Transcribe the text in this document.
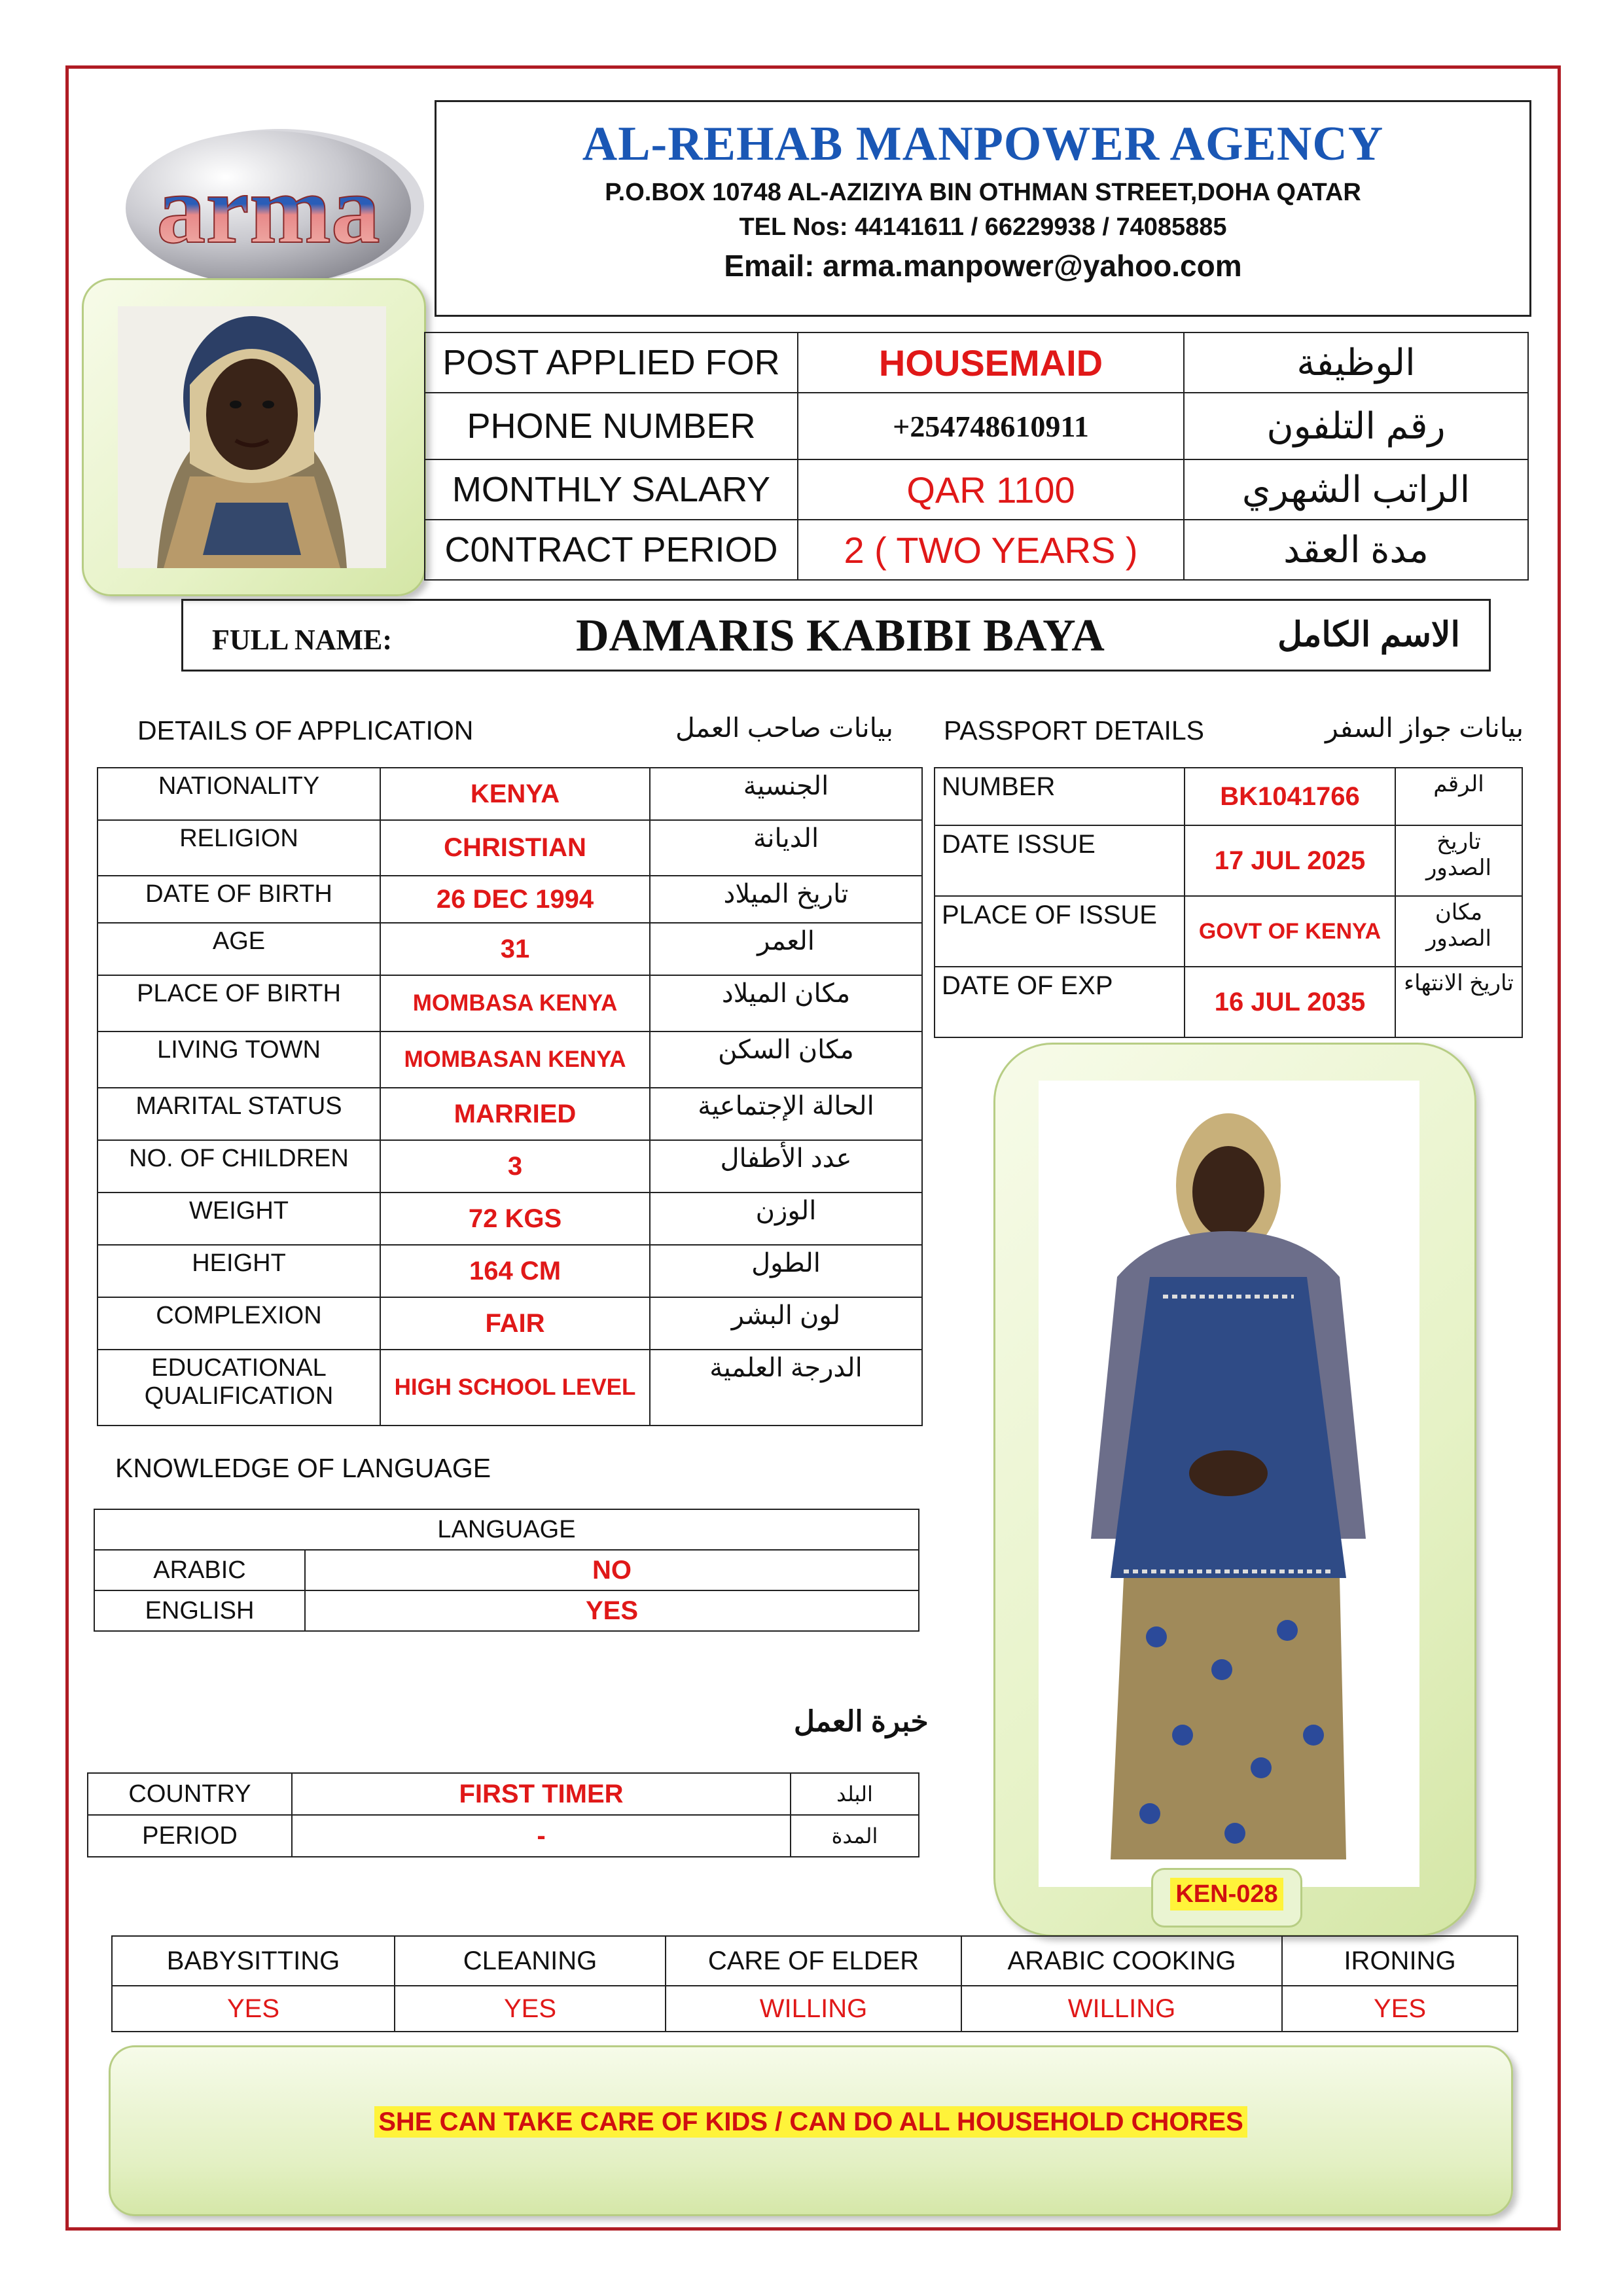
arma
AL-REHAB MANPOWER AGENCY
P.O.BOX 10748 AL-AZIZIYA BIN OTHMAN STREET,DOHA QATAR
TEL Nos: 44141611 / 66229938 / 74085885
Email: arma.manpower@yahoo.com
POST APPLIED FOR	HOUSEMAID	الوظيفة
PHONE NUMBER	+254748610911	رقم التلفون
MONTHLY SALARY	QAR 1100	الراتب الشهري
C0NTRACT PERIOD	2 ( TWO YEARS )	مدة العقد
FULL NAME:	DAMARIS KABIBI BAYA	الاسم الكامل
DETAILS OF APPLICATION	بيانات صاحب العمل PASSPORT DETAILS	بيانات جواز السفر
NATIONALITY	KENYA	الجنسية
RELIGION	CHRISTIAN	الديانة
DATE OF BIRTH	26 DEC 1994	تاريخ الميلاد
AGE	31	العمر
PLACE OF BIRTH	MOMBASA KENYA	مكان الميلاد
LIVING TOWN	MOMBASAN KENYA	مكان السكن
MARITAL STATUS	MARRIED	الحالة الإجتماعية
NO. OF CHILDREN	3	عدد الأطفال
WEIGHT	72 KGS	الوزن
HEIGHT	164 CM	الطول
COMPLEXION	FAIR	لون البشر
EDUCATIONAL QUALIFICATION	HIGH SCHOOL LEVEL	الدرجة العلمية
NUMBER	BK1041766	الرقم
DATE ISSUE	17 JUL 2025	تاريخ الصدور
PLACE OF ISSUE	GOVT OF KENYA	مكان الصدور
DATE OF EXP	16 JUL 2035	تاريخ الانتهاء
KEN-028
KNOWLEDGE OF LANGUAGE
LANGUAGE	
ARABIC	NO
ENGLISH	YES
خبرة العمل
COUNTRY	FIRST TIMER	البلد
PERIOD	-	المدة
BABYSITTING	CLEANING	CARE OF ELDER	ARABIC COOKING	IRONING
YES	YES	WILLING	WILLING	YES
SHE CAN TAKE CARE OF KIDS / CAN DO ALL HOUSEHOLD CHORES
